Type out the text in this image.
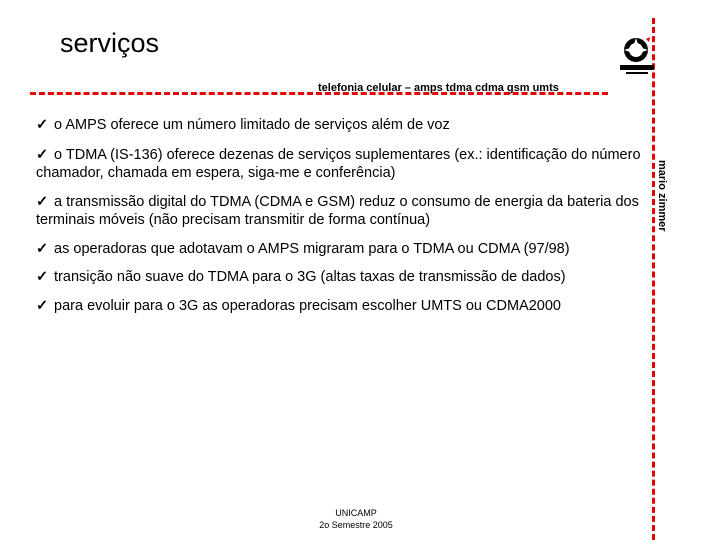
serviços
telefonia celular – amps tdma cdma gsm umts
mario zimmer
✓ o AMPS oferece um número limitado de serviços além de voz
✓ o TDMA (IS-136) oferece dezenas de serviços suplementares (ex.: identificação do número chamador, chamada em espera, siga-me e conferência)
✓ a transmissão digital do TDMA (CDMA e GSM) reduz o consumo de energia da bateria dos terminais móveis (não precisam transmitir de forma contínua)
✓ as operadoras que adotavam o AMPS migraram para o TDMA ou CDMA (97/98)
✓ transição não suave do TDMA para o 3G (altas taxas de transmissão de dados)
✓ para evoluir para o 3G as operadoras precisam escolher UMTS ou CDMA2000
UNICAMP
2o Semestre 2005
